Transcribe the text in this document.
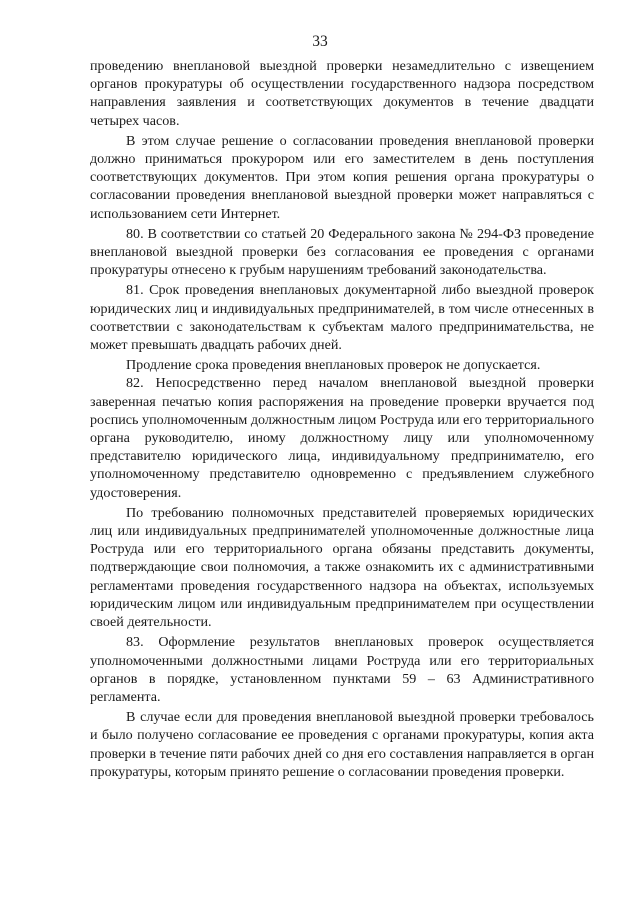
33

проведению внеплановой выездной проверки незамедлительно с извещением органов прокуратуры об осуществлении государственного надзора посредством направления заявления и соответствующих документов в течение двадцати четырех часов.

В этом случае решение о согласовании проведения внеплановой проверки должно приниматься прокурором или его заместителем в день поступления соответствующих документов. При этом копия решения органа прокуратуры о согласовании проведения внеплановой выездной проверки может направляться с использованием сети Интернет.

80. В соответствии со статьей 20 Федерального закона № 294-ФЗ проведение внеплановой выездной проверки без согласования ее проведения с органами прокуратуры отнесено к грубым нарушениям требований законодательства.

81. Срок проведения внеплановых документарной либо выездной проверок юридических лиц и индивидуальных предпринимателей, в том числе отнесенных в соответствии с законодательствам к субъектам малого предпринимательства, не может превышать двадцать рабочих дней.

Продление срока проведения внеплановых проверок не допускается.

82. Непосредственно перед началом внеплановой выездной проверки заверенная печатью копия распоряжения на проведение проверки вручается под роспись уполномоченным должностным лицом Роструда или его территориального органа руководителю, иному должностному лицу или уполномоченному представителю юридического лица, индивидуальному предпринимателю, его уполномоченному представителю одновременно с предъявлением служебного удостоверения.

По требованию полномочных представителей проверяемых юридических лиц или индивидуальных предпринимателей уполномоченные должностные лица Роструда или его территориального органа обязаны представить документы, подтверждающие свои полномочия, а также ознакомить их с административными регламентами проведения государственного надзора на объектах, используемых юридическим лицом или индивидуальным предпринимателем при осуществлении своей деятельности.

83. Оформление результатов внеплановых проверок осуществляется уполномоченными должностными лицами Роструда или его территориальных органов в порядке, установленном пунктами 59 – 63 Административного регламента.

В случае если для проведения внеплановой выездной проверки требовалось и было получено согласование ее проведения с органами прокуратуры, копия акта проверки в течение пяти рабочих дней со дня его составления направляется в орган прокуратуры, которым принято решение о согласовании проведения проверки.
